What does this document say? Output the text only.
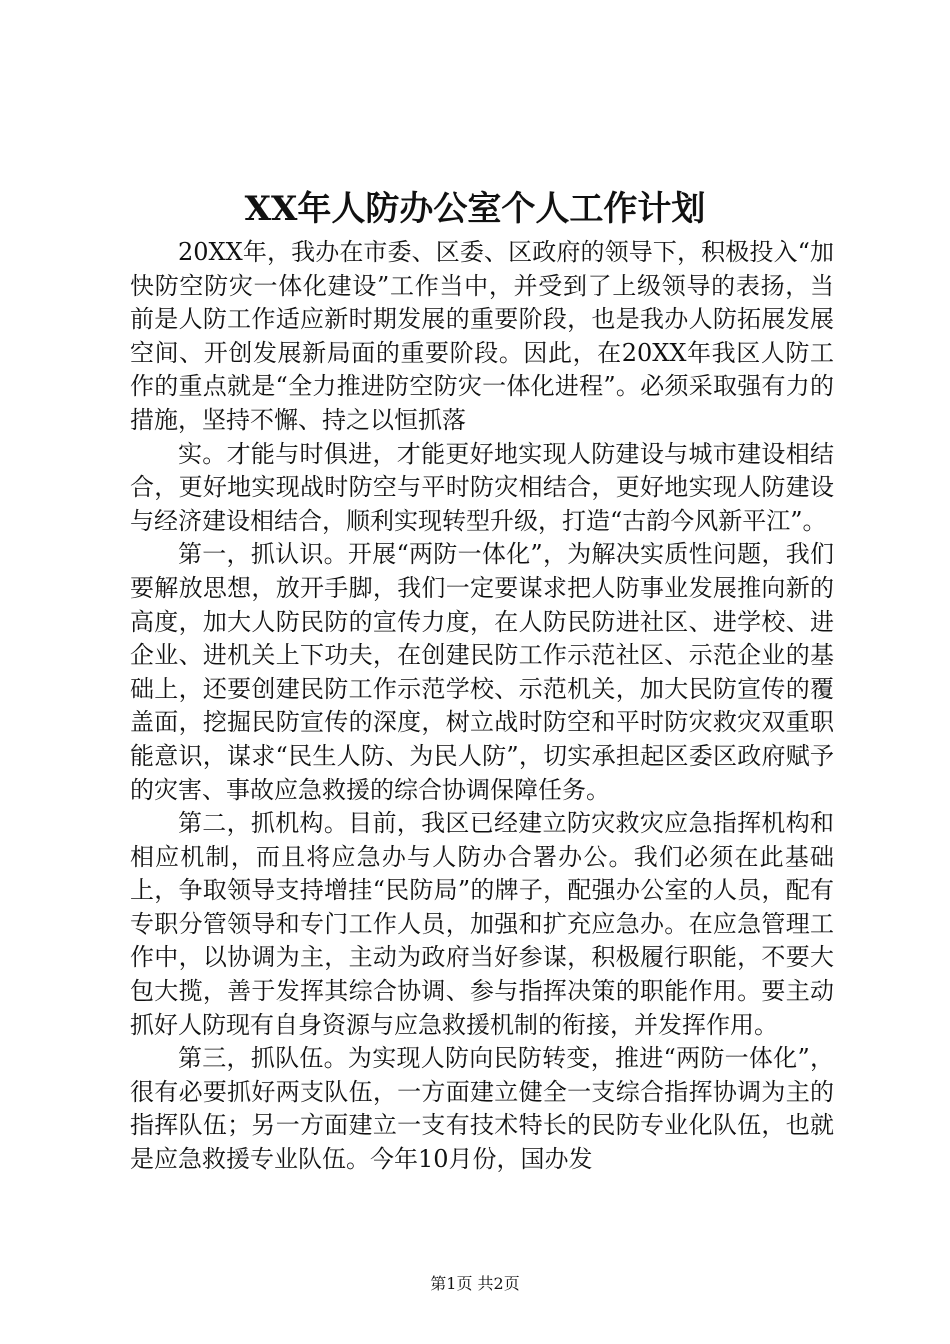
XX年人防办公室个人工作计划

20XX年，我办在市委、区委、区政府的领导下，积极投入“加快防空防灾一体化建设”工作当中，并受到了上级领导的表扬，当前是人防工作适应新时期发展的重要阶段，也是我办人防拓展发展空间、开创发展新局面的重要阶段。因此，在20XX年我区人防工作的重点就是“全力推进防空防灾一体化进程”。必须采取强有力的措施，坚持不懈、持之以恒抓落

实。才能与时俱进，才能更好地实现人防建设与城市建设相结合，更好地实现战时防空与平时防灾相结合，更好地实现人防建设与经济建设相结合，顺利实现转型升级，打造“古韵今风新平江”。

第一，抓认识。开展“两防一体化”，为解决实质性问题，我们要解放思想，放开手脚，我们一定要谋求把人防事业发展推向新的高度，加大人防民防的宣传力度，在人防民防进社区、进学校、进企业、进机关上下功夫，在创建民防工作示范社区、示范企业的基础上，还要创建民防工作示范学校、示范机关，加大民防宣传的覆盖面，挖掘民防宣传的深度，树立战时防空和平时防灾救灾双重职能意识，谋求“民生人防、为民人防”，切实承担起区委区政府赋予的灾害、事故应急救援的综合协调保障任务。

第二，抓机构。目前，我区已经建立防灾救灾应急指挥机构和相应机制，而且将应急办与人防办合署办公。我们必须在此基础上，争取领导支持增挂“民防局”的牌子，配强办公室的人员，配有专职分管领导和专门工作人员，加强和扩充应急办。在应急管理工作中，以协调为主，主动为政府当好参谋，积极履行职能，不要大包大揽，善于发挥其综合协调、参与指挥决策的职能作用。要主动抓好人防现有自身资源与应急救援机制的衔接，并发挥作用。

第三，抓队伍。为实现人防向民防转变，推进“两防一体化”，很有必要抓好两支队伍，一方面建立健全一支综合指挥协调为主的指挥队伍；另一方面建立一支有技术特长的民防专业化队伍，也就是应急救援专业队伍。今年10月份，国办发

第1页 共2页
